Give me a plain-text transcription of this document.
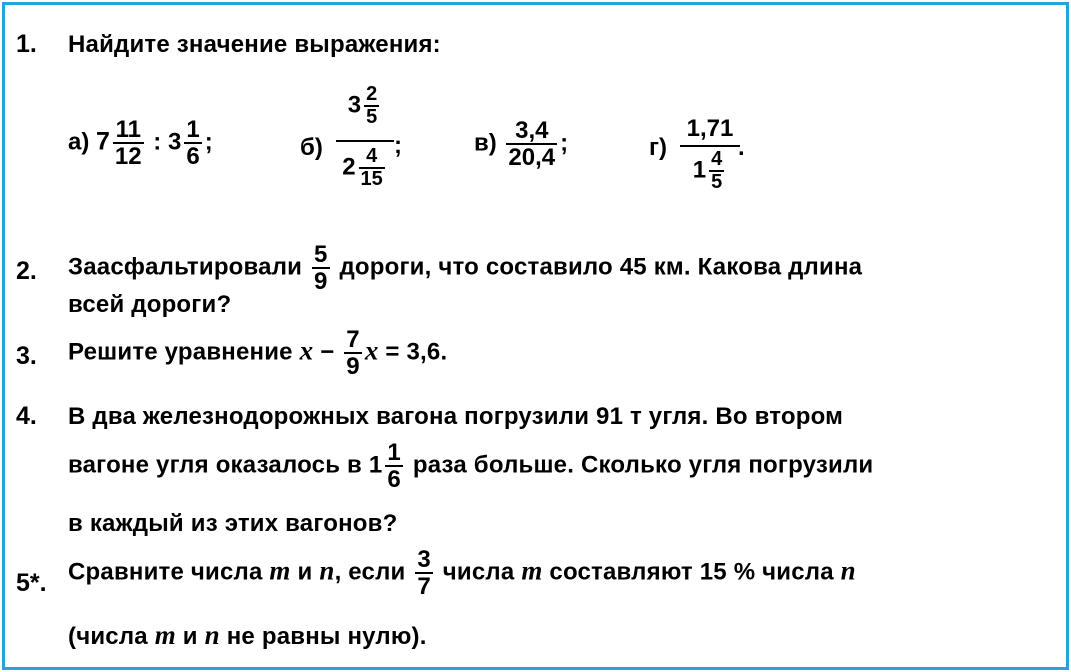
1. Найдите значение выражения:
а) $7 \frac{11}{12}$ : $3 \frac{1}{6}$ ;	б)
$3 \frac{2}{5}$
$2 \frac{4}{15}$
;	$в) \frac{3,4}{20,4}$ ;	г)
1,71
$1 \frac{4}{5}$
.
2. Заасфальтировали $\frac{5}{9}$ дороги, что составило 45 км. Какова длина
всей дороги?
3. Решите уравнение $x - \frac{7}{9}$ x = 3,6.
4. В два железнодорожных вагона погрузили 91 т угля. Во втором
вагоне угля оказалось в $1 \frac{1}{6}$ раза больше. Сколько угля погрузили
в каждый из этих вагонов?
5*. Сравните числа m и n, если $\frac{3}{7}$ числа m составляют 15 % числа n
(числа m и n не равны нулю).
